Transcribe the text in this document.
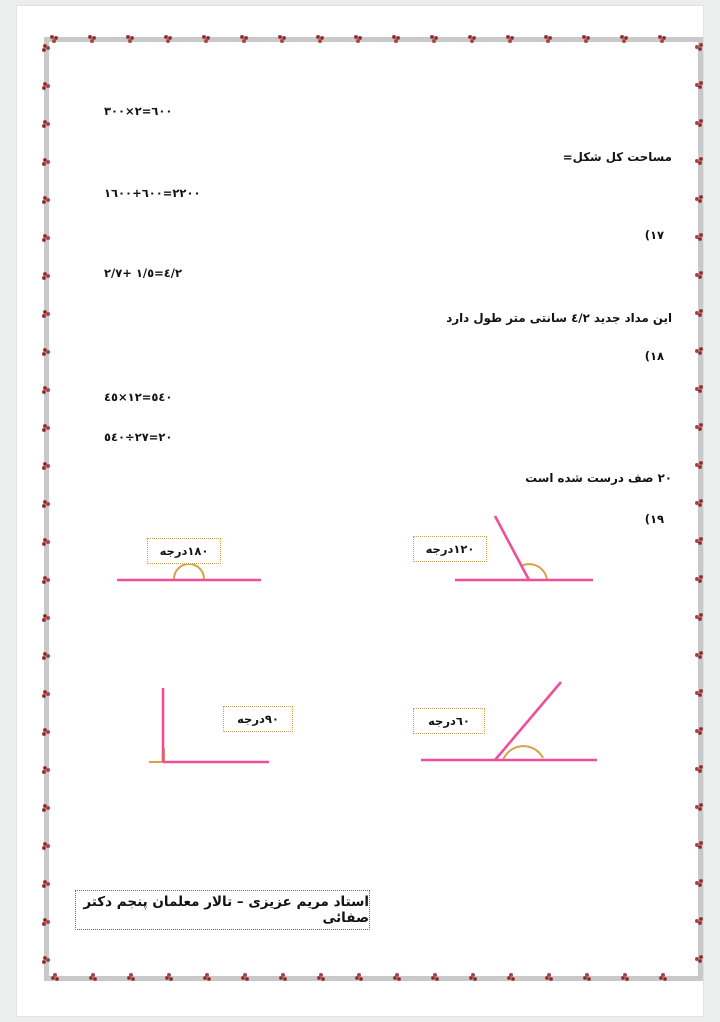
٣٠٠×٢=٦٠٠
مساحت کل شکل=
١٦٠٠+٦٠٠=٢٢٠٠
(١٧
٢/٧+ ١/٥=٤/٢
این مداد جدید ٤/٢ سانتی متر طول دارد
(١٨
٤٥×١٢=٥٤٠
٥٤٠÷٢٧=٢٠
٢٠ صف درست شده است
(١٩
١٨٠درجه	١٢٠درجه
٩٠درجه	٦٠درجه
استاد مریم عزیزی – تالار معلمان پنجم دکتر صفائی
